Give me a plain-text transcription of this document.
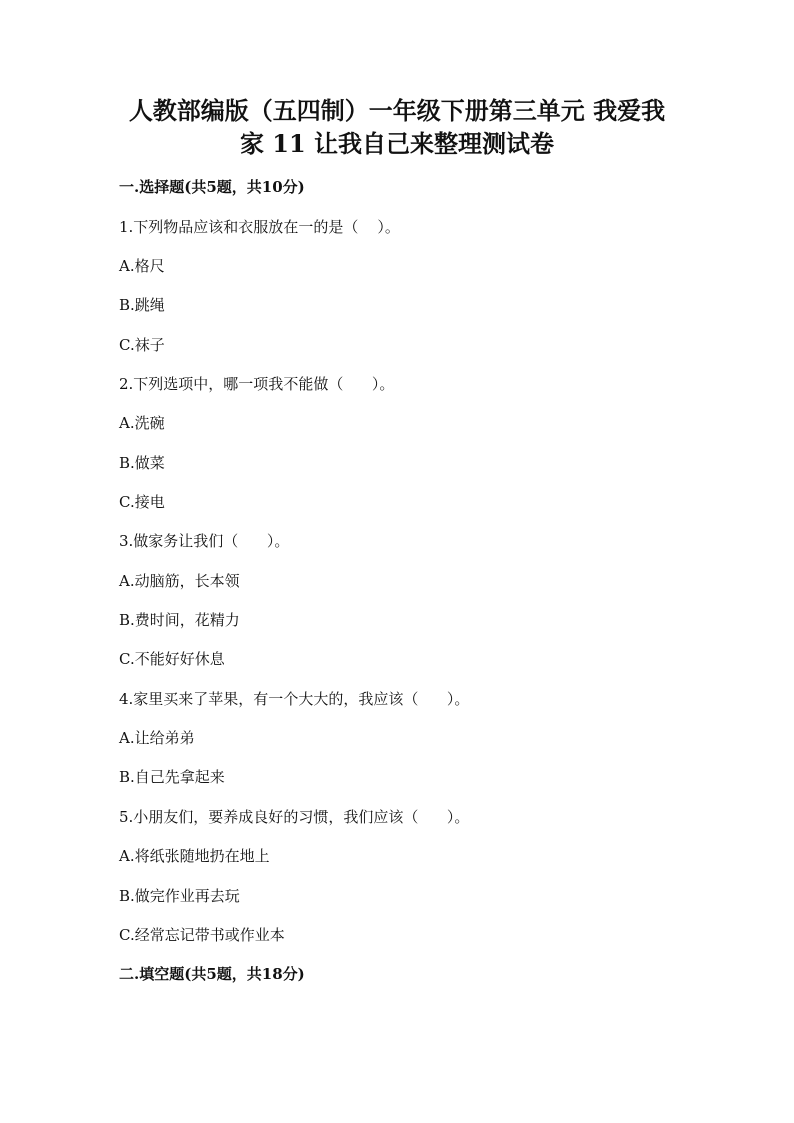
人教部编版（五四制）一年级下册第三单元 我爱我
家 11 让我自己来整理测试卷
一.选择题(共5题，共10分)
1.下列物品应该和衣服放在一的是（    ）。
A.格尺
B.跳绳
C.袜子
2.下列选项中，哪一项我不能做（      ）。
A.洗碗
B.做菜
C.接电
3.做家务让我们（      ）。
A.动脑筋，长本领
B.费时间，花精力
C.不能好好休息
4.家里买来了苹果，有一个大大的，我应该（      ）。
A.让给弟弟
B.自己先拿起来
5.小朋友们，要养成良好的习惯，我们应该（      ）。
A.将纸张随地扔在地上
B.做完作业再去玩
C.经常忘记带书或作业本
二.填空题(共5题，共18分)
